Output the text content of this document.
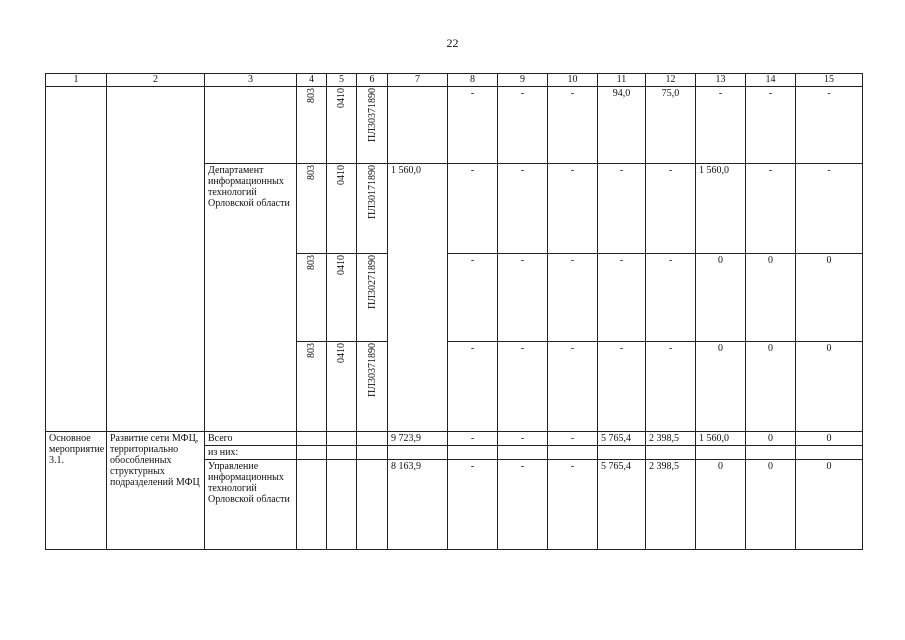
22
1	2	3	4	5	6	7	8	9	10	11	12	13	14	15	
			803	0410	ПЛ30371890		-	-	-	94,0	75,0	-	-	-	
		Департамент информационных технологий Орловской области	803	0410	ПЛ30171890	1 560,0	-	-	-	-	-	1 560,0	-	-	
			803	0410	ПЛ30271890		-	-	-	-	-	0	0	0	
			803	0410	ПЛ30371890		-	-	-	-	-	0	0	0	
Основное мероприятие 3.1.	Развитие сети МФЦ, территориально обособленных структурных подразделений МФЦ	Всего				9 723,9	-	-	-	5 765,4	2 398,5	1 560,0	0	0	
		из них:													
		Управление информационных технологий Орловской области				8 163,9	-	-	-	5 765,4	2 398,5	0	0	0	
